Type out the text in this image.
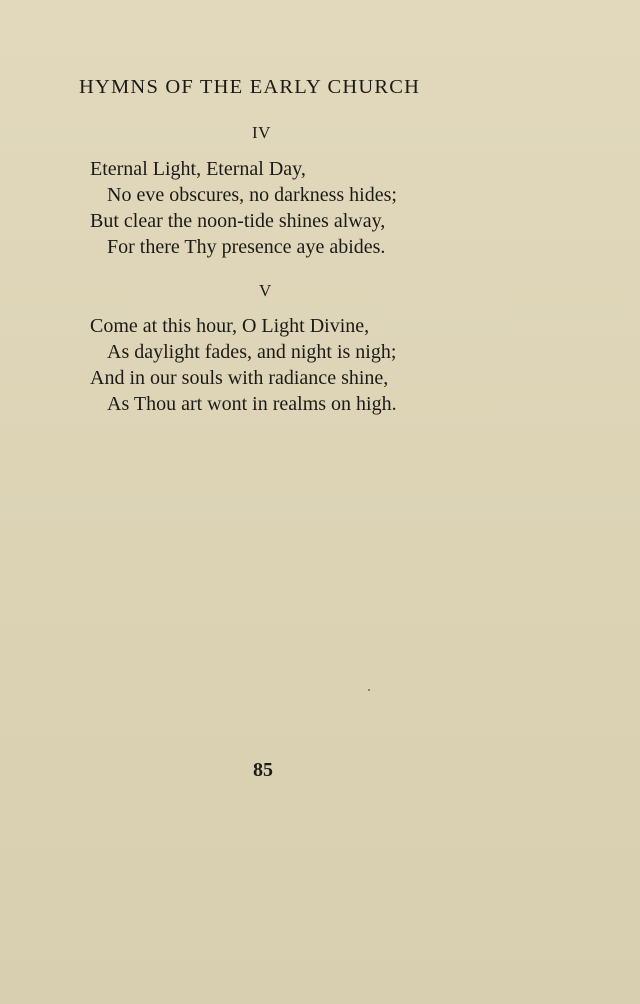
HYMNS OF THE EARLY CHURCH
IV
Eternal Light, Eternal Day,
No eve obscures, no darkness hides;
But clear the noon-tide shines alway,
For there Thy presence aye abides.
V
Come at this hour, O Light Divine,
As daylight fades, and night is nigh;
And in our souls with radiance shine,
As Thou art wont in realms on high.
85
